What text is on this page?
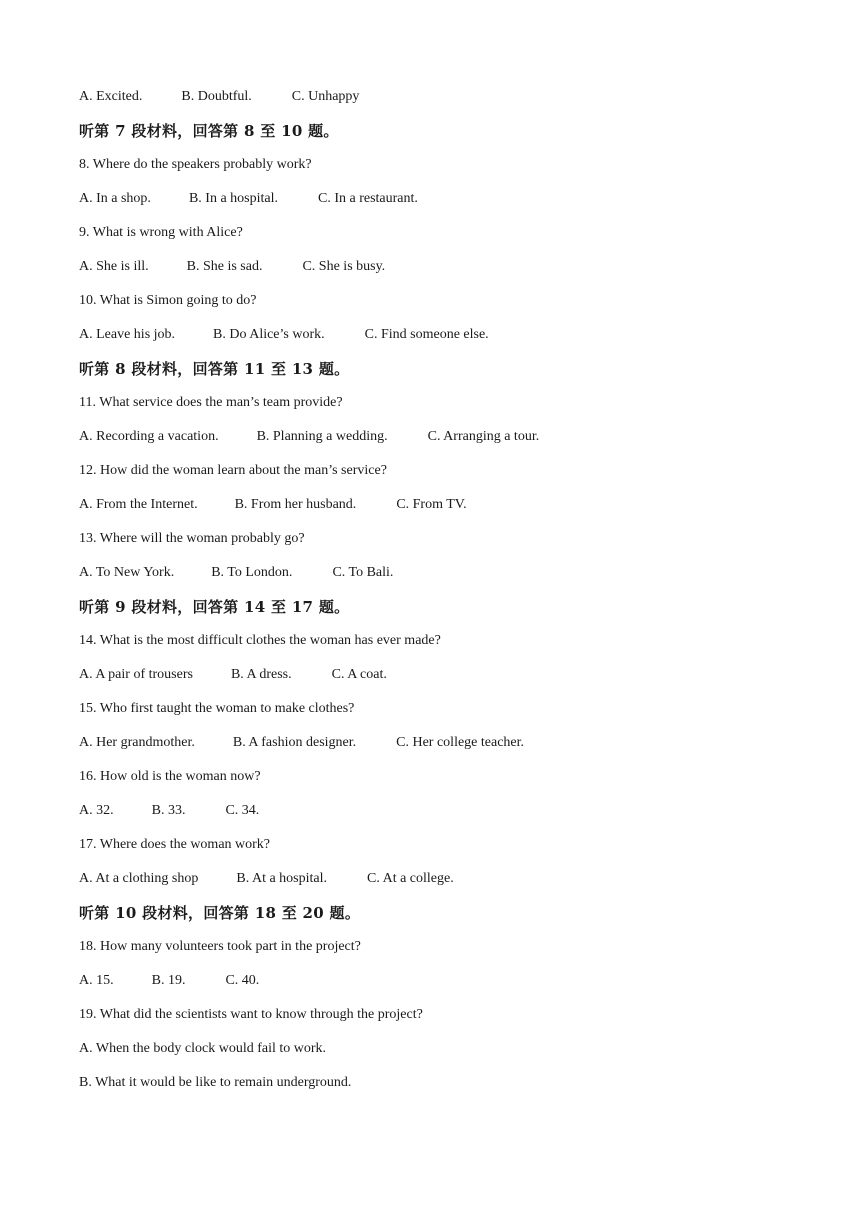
A. Excited.	B. Doubtful.	C. Unhappy
听第 7 段材料，回答第 8 至 10 题。
8. Where do the speakers probably work?
A. In a shop.	B. In a hospital.	C. In a restaurant.
9. What is wrong with Alice?
A. She is ill.	B. She is sad.	C. She is busy.
10. What is Simon going to do?
A. Leave his job.	B. Do Alice’s work.	C. Find someone else.
听第 8 段材料，回答第 11 至 13 题。
11. What service does the man’s team provide?
A. Recording a vacation.	B. Planning a wedding.	C. Arranging a tour.
12. How did the woman learn about the man’s service?
A. From the Internet.	B. From her husband.	C. From TV.
13. Where will the woman probably go?
A. To New York.	B. To London.	C. To Bali.
听第 9 段材料，回答第 14 至 17 题。
14. What is the most difficult clothes the woman has ever made?
A. A pair of trousers	B. A dress.	C. A coat.
15. Who first taught the woman to make clothes?
A. Her grandmother.	B. A fashion designer.	C. Her college teacher.
16. How old is the woman now?
A. 32.	B. 33.	C. 34.
17. Where does the woman work?
A. At a clothing shop	B. At a hospital.	C. At a college.
听第 10 段材料，回答第 18 至 20 题。
18. How many volunteers took part in the project?
A. 15.	B. 19.	C. 40.
19. What did the scientists want to know through the project?
A. When the body clock would fail to work.
B. What it would be like to remain underground.
